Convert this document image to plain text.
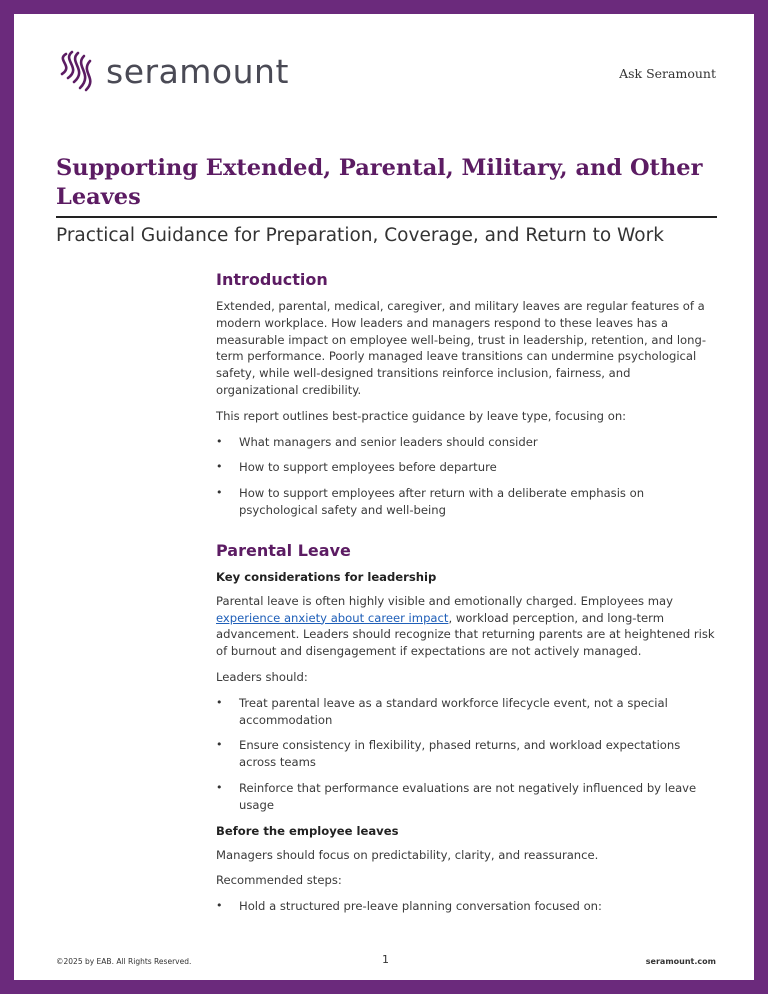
seramount	Ask Seramount
Supporting Extended, Parental, Military, and Other Leaves
Practical Guidance for Preparation, Coverage, and Return to Work
Introduction

Extended, parental, medical, caregiver, and military leaves are regular features of a modern workplace. How leaders and managers respond to these leaves has a measurable impact on employee well-being, trust in leadership, retention, and long-term performance. Poorly managed leave transitions can undermine psychological safety, while well-designed transitions reinforce inclusion, fairness, and organizational credibility.

This report outlines best-practice guidance by leave type, focusing on:

• What managers and senior leaders should consider
• How to support employees before departure
• How to support employees after return with a deliberate emphasis on psychological safety and well-being
Parental Leave
Key considerations for leadership

Parental leave is often highly visible and emotionally charged. Employees may experience anxiety about career impact, workload perception, and long-term advancement. Leaders should recognize that returning parents are at heightened risk of burnout and disengagement if expectations are not actively managed.

Leaders should:

• Treat parental leave as a standard workforce lifecycle event, not a special accommodation
• Ensure consistency in flexibility, phased returns, and workload expectations across teams
• Reinforce that performance evaluations are not negatively influenced by leave usage
Before the employee leaves

Managers should focus on predictability, clarity, and reassurance.

Recommended steps:

• Hold a structured pre-leave planning conversation focused on:
©2025 by EAB. All Rights Reserved.	1	seramount.com
